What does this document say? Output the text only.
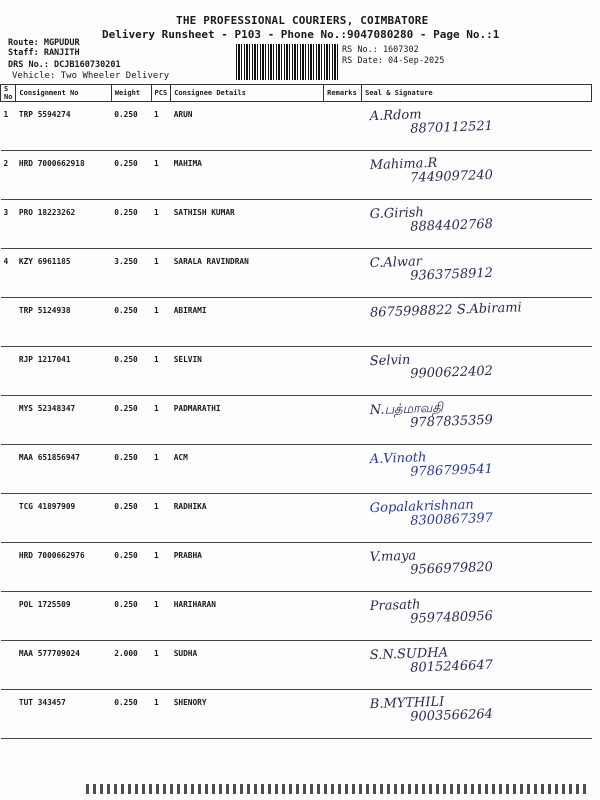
THE PROFESSIONAL COURIERS, COIMBATORE
Delivery Runsheet - P103 - Phone No.:9047080280 - Page No.:1
Route: MGPUDUR
Staff: RANJITH
DRS No.: DCJB160730201
Vehicle: Two Wheeler Delivery
RS No.: 1607302
RS Date: 04-Sep-2025
S No	Consignment No	Weight	PCS	Consignee Details	Remarks	Seal & Signature
1	TRP 5594274	0.250	1	ARUN		A.Rdom
8870112521

2	HRD 7000662918	0.250	1	MAHIMA		Mahima.R
7449097240

3	PRO 18223262	0.250	1	SATHISH KUMAR		G.Girish
8884402768

4	KZY 6961185	3.250	1	SARALA RAVINDRAN		C.Alwar
9363758912

	TRP 5124938	0.250	1	ABIRAMI		8675998822 S.Abirami

	RJP 1217041	0.250	1	SELVIN		Selvin
9900622402

	MYS 52348347	0.250	1	PADMARATHI		N.பத்மாவதி
9787835359

	MAA 651856947	0.250	1	ACM		A.Vinoth
9786799541

	TCG 41897909	0.250	1	RADHIKA		Gopalakrishnan
8300867397

	HRD 7000662976	0.250	1	PRABHA		V.maya
9566979820

	POL 1725509	0.250	1	HARIHARAN		Prasath
9597480956

	MAA 577709024	2.000	1	SUDHA		S.N.SUDHA
8015246647

	TUT 343457	0.250	1	SHENORY		B.MYTHILI
9003566264
